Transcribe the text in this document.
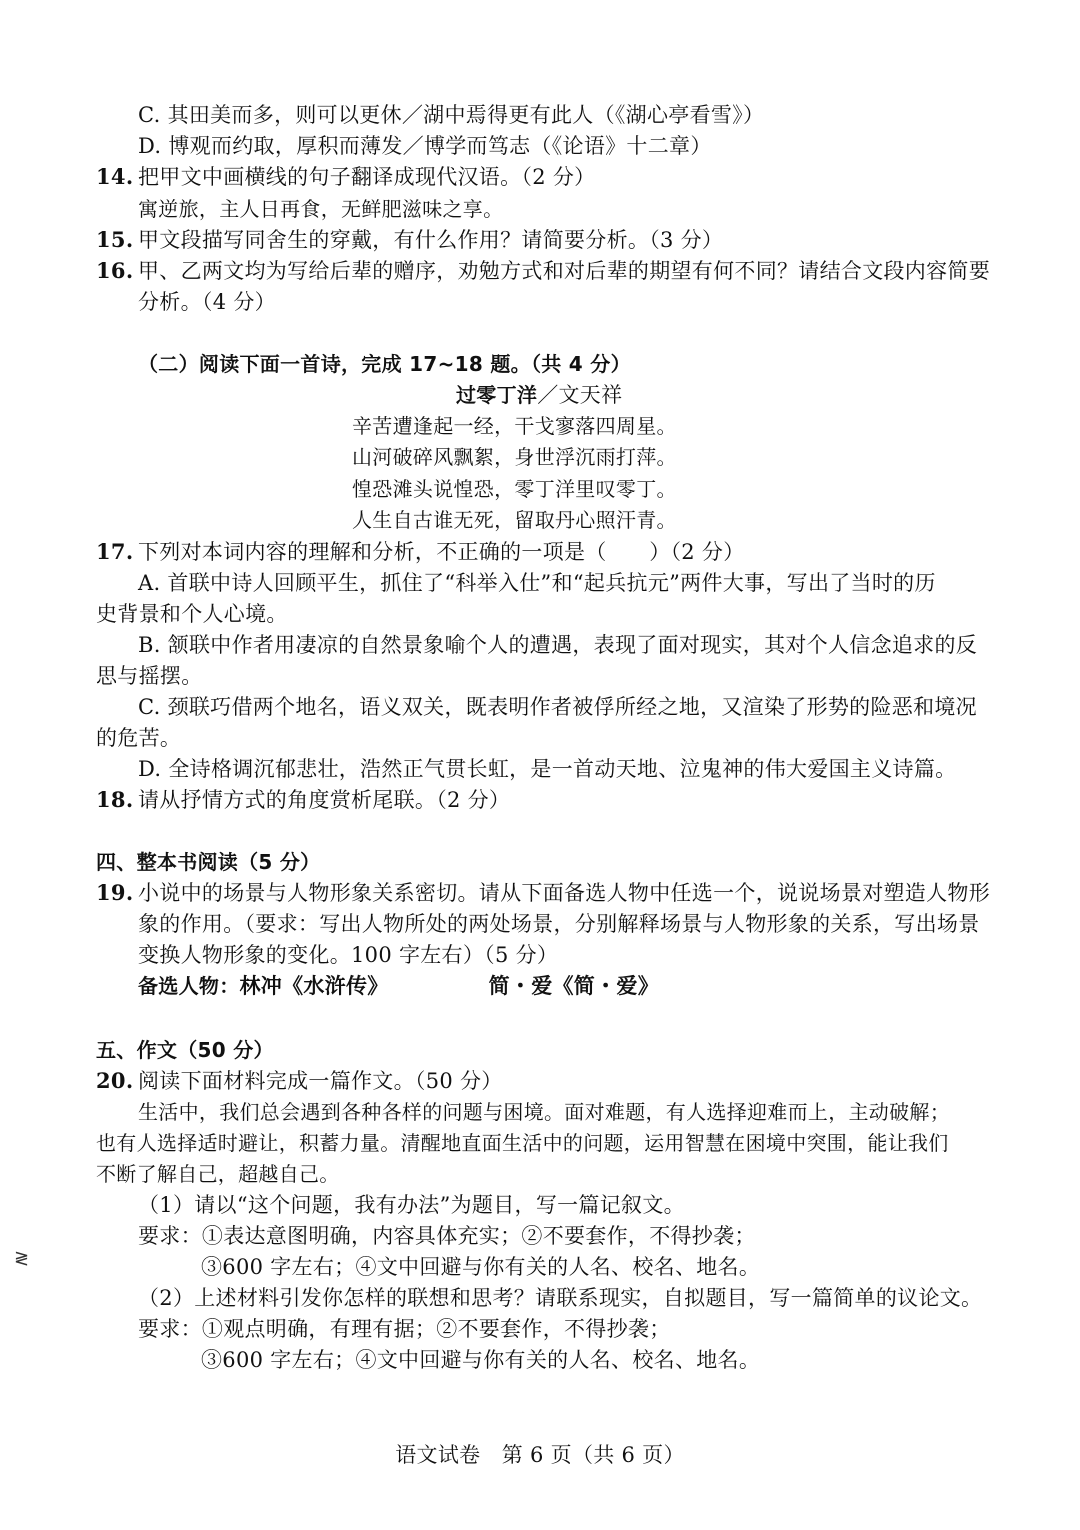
C. 其田美而多，则可以更休／湖中焉得更有此人（《湖心亭看雪》）
D. 博观而约取，厚积而薄发／博学而笃志（《论语》十二章）
14. 把甲文中画横线的句子翻译成现代汉语。（2 分）
寓逆旅，主人日再食，无鲜肥滋味之享。
15. 甲文段描写同舍生的穿戴，有什么作用？请简要分析。（3 分）
16. 甲、乙两文均为写给后辈的赠序，劝勉方式和对后辈的期望有何不同？请结合文段内容简要
分析。（4 分）
（二）阅读下面一首诗，完成 17~18 题。（共 4 分）
过零丁洋／文天祥
辛苦遭逢起一经，干戈寥落四周星。
山河破碎风飘絮，身世浮沉雨打萍。
惶恐滩头说惶恐，零丁洋里叹零丁。
人生自古谁无死，留取丹心照汗青。
17. 下列对本词内容的理解和分析，不正确的一项是（　　）（2 分）
A. 首联中诗人回顾平生，抓住了“科举入仕”和“起兵抗元”两件大事，写出了当时的历
史背景和个人心境。
B. 颔联中作者用凄凉的自然景象喻个人的遭遇，表现了面对现实，其对个人信念追求的反
思与摇摆。
C. 颈联巧借两个地名，语义双关，既表明作者被俘所经之地，又渲染了形势的险恶和境况
的危苦。
D. 全诗格调沉郁悲壮，浩然正气贯长虹，是一首动天地、泣鬼神的伟大爱国主义诗篇。
18. 请从抒情方式的角度赏析尾联。（2 分）
四、整本书阅读（5 分）
19. 小说中的场景与人物形象关系密切。请从下面备选人物中任选一个，说说场景对塑造人物形
象的作用。（要求：写出人物所处的两处场景，分别解释场景与人物形象的关系，写出场景
变换人物形象的变化。100 字左右）（5 分）
备选人物：林冲《水浒传》	简・爱《简・爱》
五、作文（50 分）
20. 阅读下面材料完成一篇作文。（50 分）
生活中，我们总会遇到各种各样的问题与困境。面对难题，有人选择迎难而上，主动破解；
也有人选择适时避让，积蓄力量。清醒地直面生活中的问题，运用智慧在困境中突围，能让我们
不断了解自己，超越自己。
（1）请以“这个问题，我有办法”为题目，写一篇记叙文。
要求：①表达意图明确，内容具体充实；②不要套作，不得抄袭；
③600 字左右；④文中回避与你有关的人名、校名、地名。
（2）上述材料引发你怎样的联想和思考？请联系现实，自拟题目，写一篇简单的议论文。
要求：①观点明确，有理有据；②不要套作，不得抄袭；
③600 字左右；④文中回避与你有关的人名、校名、地名。
≷
语文试卷　第 6 页（共 6 页）
